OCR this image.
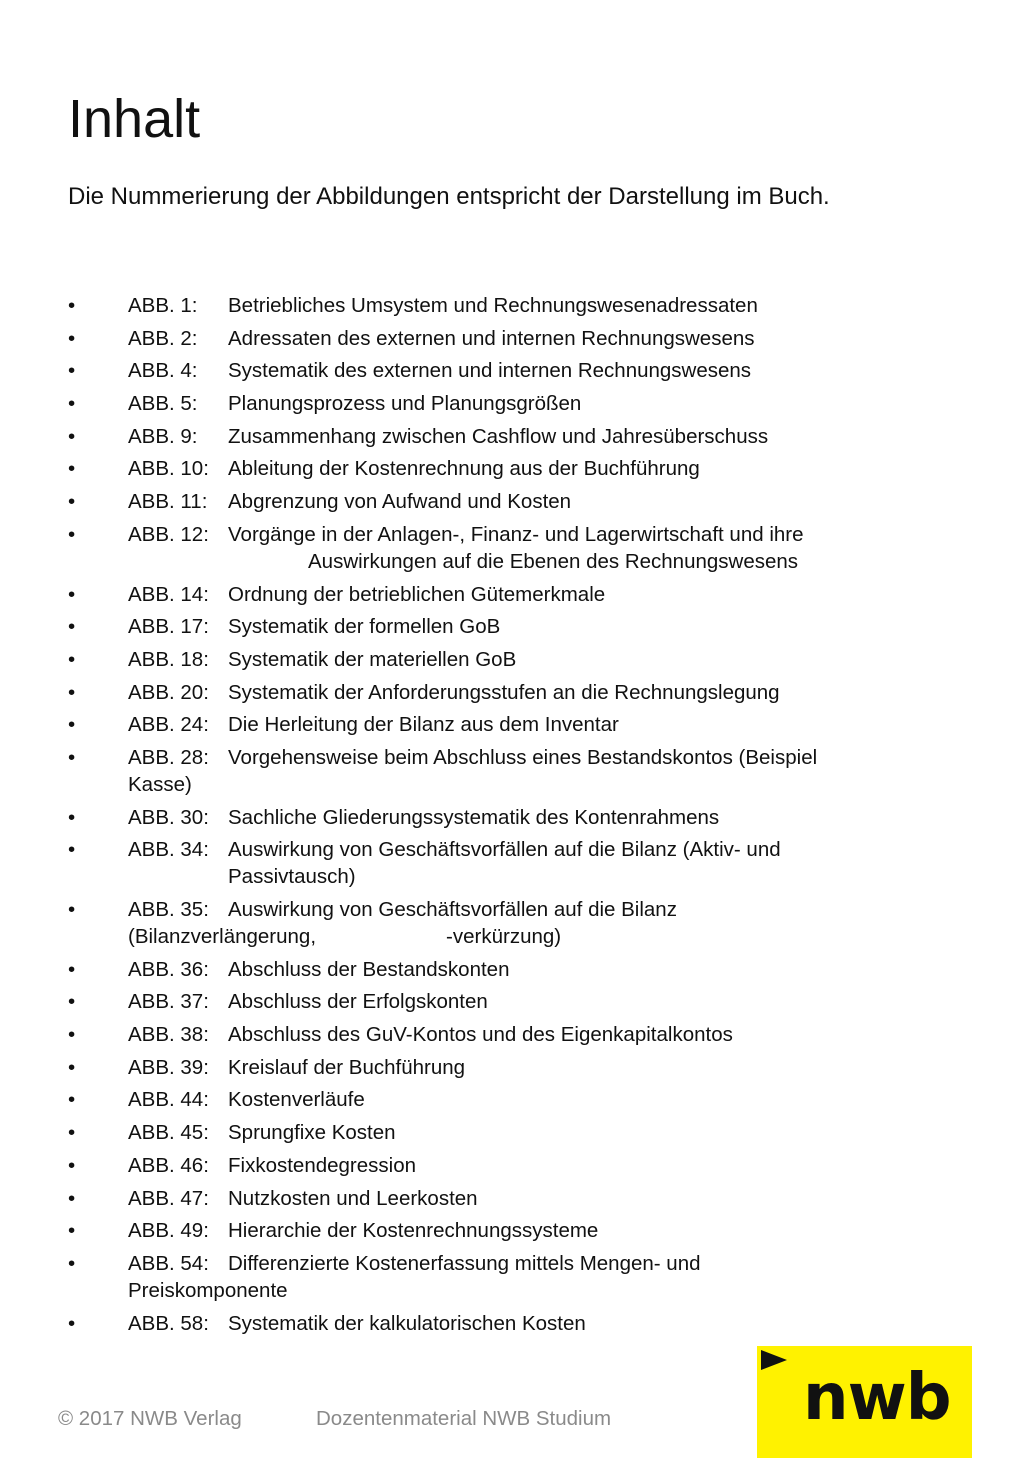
Inhalt

Die Nummerierung der Abbildungen entspricht der Darstellung im Buch.

•	ABB. 1: Betriebliches Umsystem und Rechnungswesenadressaten
•	ABB. 2: Adressaten des externen und internen Rechnungswesens
•	ABB. 4: Systematik des externen und internen Rechnungswesens
•	ABB. 5: Planungsprozess und Planungsgrößen
•	ABB. 9: Zusammenhang zwischen Cashflow und Jahresüberschuss
•	ABB. 10: Ableitung der Kostenrechnung aus der Buchführung
•	ABB. 11: Abgrenzung von Aufwand und Kosten
•	ABB. 12: Vorgänge in der Anlagen-, Finanz- und Lagerwirtschaft und ihre
Auswirkungen auf die Ebenen des Rechnungswesens
•	ABB. 14: Ordnung der betrieblichen Gütemerkmale
•	ABB. 17: Systematik der formellen GoB
•	ABB. 18: Systematik der materiellen GoB
•	ABB. 20: Systematik der Anforderungsstufen an die Rechnungslegung
•	ABB. 24: Die Herleitung der Bilanz aus dem Inventar
•	ABB. 28: Vorgehensweise beim Abschluss eines Bestandskontos (Beispiel
Kasse)
•	ABB. 30: Sachliche Gliederungssystematik des Kontenrahmens
•	ABB. 34: Auswirkung von Geschäftsvorfällen auf die Bilanz (Aktiv- und
Passivtausch)
•	ABB. 35: Auswirkung von Geschäftsvorfällen auf die Bilanz
(Bilanzverlängerung,	-verkürzung)
•	ABB. 36: Abschluss der Bestandskonten
•	ABB. 37: Abschluss der Erfolgskonten
•	ABB. 38: Abschluss des GuV-Kontos und des Eigenkapitalkontos
•	ABB. 39: Kreislauf der Buchführung
•	ABB. 44: Kostenverläufe
•	ABB. 45: Sprungfixe Kosten
•	ABB. 46: Fixkostendegression
•	ABB. 47: Nutzkosten und Leerkosten
•	ABB. 49: Hierarchie der Kostenrechnungssysteme
•	ABB. 54: Differenzierte Kostenerfassung mittels Mengen- und
Preiskomponente
•	ABB. 58: Systematik der kalkulatorischen Kosten
© 2017 NWB Verlag	Dozentenmaterial NWB Studium	nwb
